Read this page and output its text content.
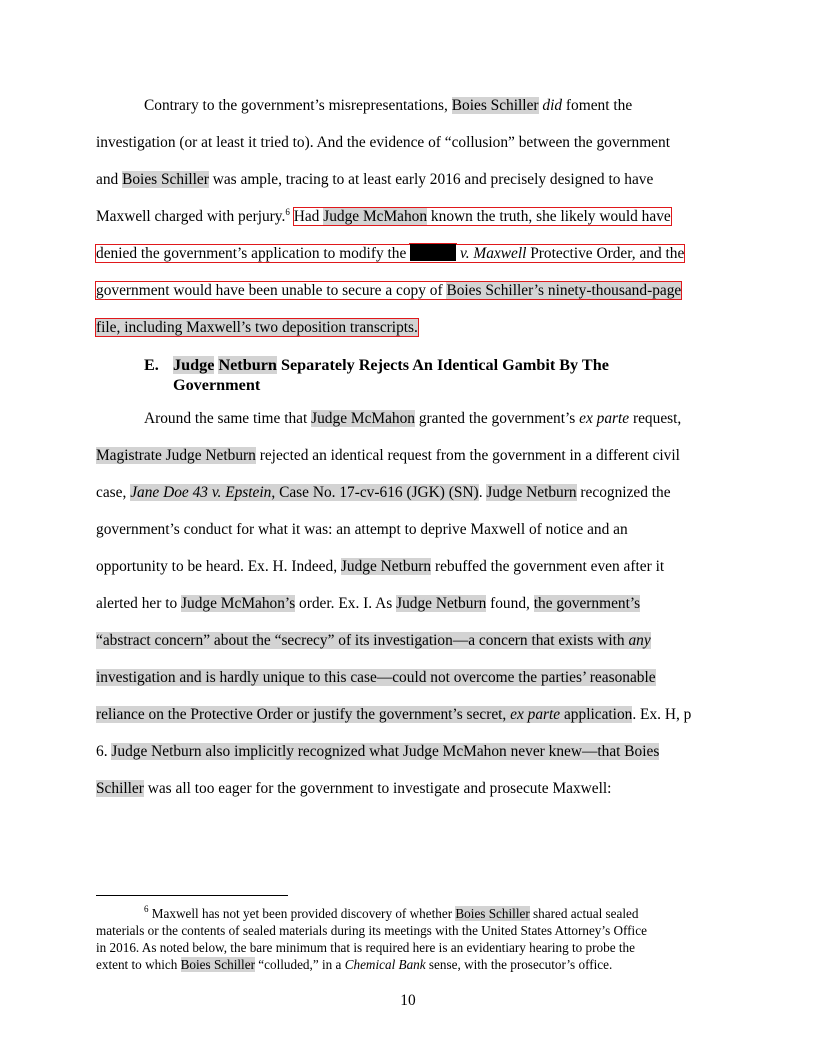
Contrary to the government’s misrepresentations, Boies Schiller did foment the
investigation (or at least it tried to). And the evidence of “collusion” between the government
and Boies Schiller was ample, tracing to at least early 2016 and precisely designed to have
Maxwell charged with perjury.$^6$ Had Judge McMahon known the truth, she likely would have
denied the government’s application to modify the	v. Maxwell Protective Order, and the
government would have been unable to secure a copy of Boies Schiller’s ninety-thousand-page
file, including Maxwell’s two deposition transcripts.
E. Judge Netburn Separately Rejects An Identical Gambit By The
Government
Around the same time that Judge McMahon granted the government’s ex parte request,
Magistrate Judge Netburn rejected an identical request from the government in a different civil
case, Jane Doe 43 v. Epstein, Case No. 17-cv-616 (JGK) (SN). Judge Netburn recognized the
government’s conduct for what it was: an attempt to deprive Maxwell of notice and an
opportunity to be heard. Ex. H. Indeed, Judge Netburn rebuffed the government even after it
alerted her to Judge McMahon’s order. Ex. I. As Judge Netburn found, the government’s
“abstract concern” about the “secrecy” of its investigation—a concern that exists with any
investigation and is hardly unique to this case—could not overcome the parties’ reasonable
reliance on the Protective Order or justify the government’s secret, ex parte application. Ex. H, p
6. Judge Netburn also implicitly recognized what Judge McMahon never knew—that Boies
Schiller was all too eager for the government to investigate and prosecute Maxwell:
$^6$ Maxwell has not yet been provided discovery of whether Boies Schiller shared actual sealed
materials or the contents of sealed materials during its meetings with the United States Attorney’s Office
in 2016. As noted below, the bare minimum that is required here is an evidentiary hearing to probe the
extent to which Boies Schiller “colluded,” in a Chemical Bank sense, with the prosecutor’s office.
10
